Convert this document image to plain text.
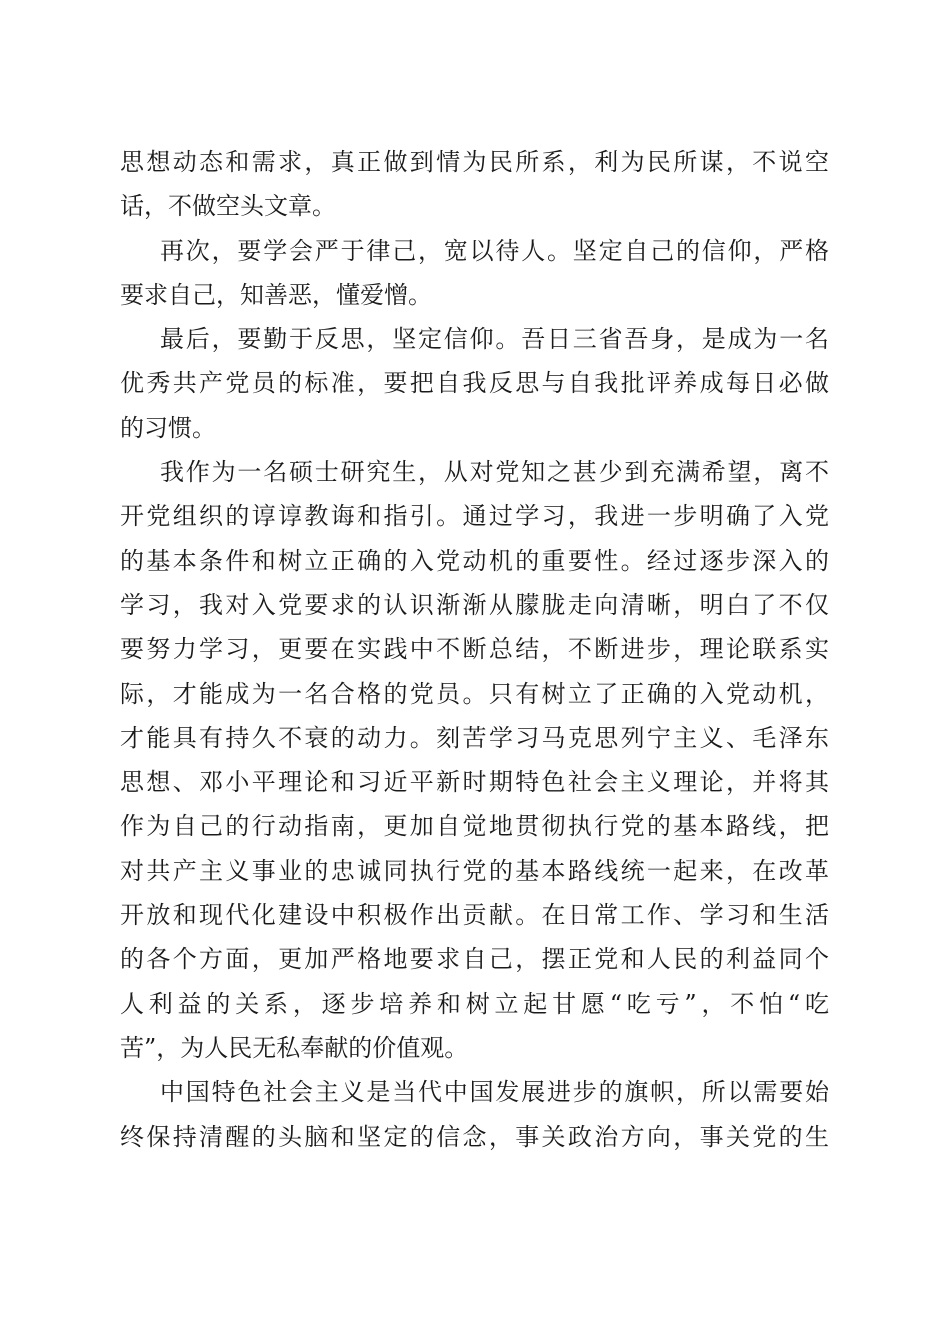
思想动态和需求，真正做到情为民所系，利为民所谋，不说空
话，不做空头文章。
再次，要学会严于律己，宽以待人。坚定自己的信仰，严格
要求自己，知善恶，懂爱憎。
最后，要勤于反思，坚定信仰。吾日三省吾身，是成为一名
优秀共产党员的标准，要把自我反思与自我批评养成每日必做
的习惯。
我作为一名硕士研究生，从对党知之甚少到充满希望，离不
开党组织的谆谆教诲和指引。通过学习，我进一步明确了入党
的基本条件和树立正确的入党动机的重要性。经过逐步深入的
学习，我对入党要求的认识渐渐从朦胧走向清晰，明白了不仅
要努力学习，更要在实践中不断总结，不断进步，理论联系实
际，才能成为一名合格的党员。只有树立了正确的入党动机，
才能具有持久不衰的动力。刻苦学习马克思列宁主义、毛泽东
思想、邓小平理论和习近平新时期特色社会主义理论，并将其
作为自己的行动指南，更加自觉地贯彻执行党的基本路线，把
对共产主义事业的忠诚同执行党的基本路线统一起来，在改革
开放和现代化建设中积极作出贡献。在日常工作、学习和生活
的各个方面，更加严格地要求自己，摆正党和人民的利益同个
人利益的关系，逐步培养和树立起甘愿“吃亏”，不怕“吃
苦”，为人民无私奉献的价值观。
中国特色社会主义是当代中国发展进步的旗帜，所以需要始
终保持清醒的头脑和坚定的信念，事关政治方向，事关党的生
